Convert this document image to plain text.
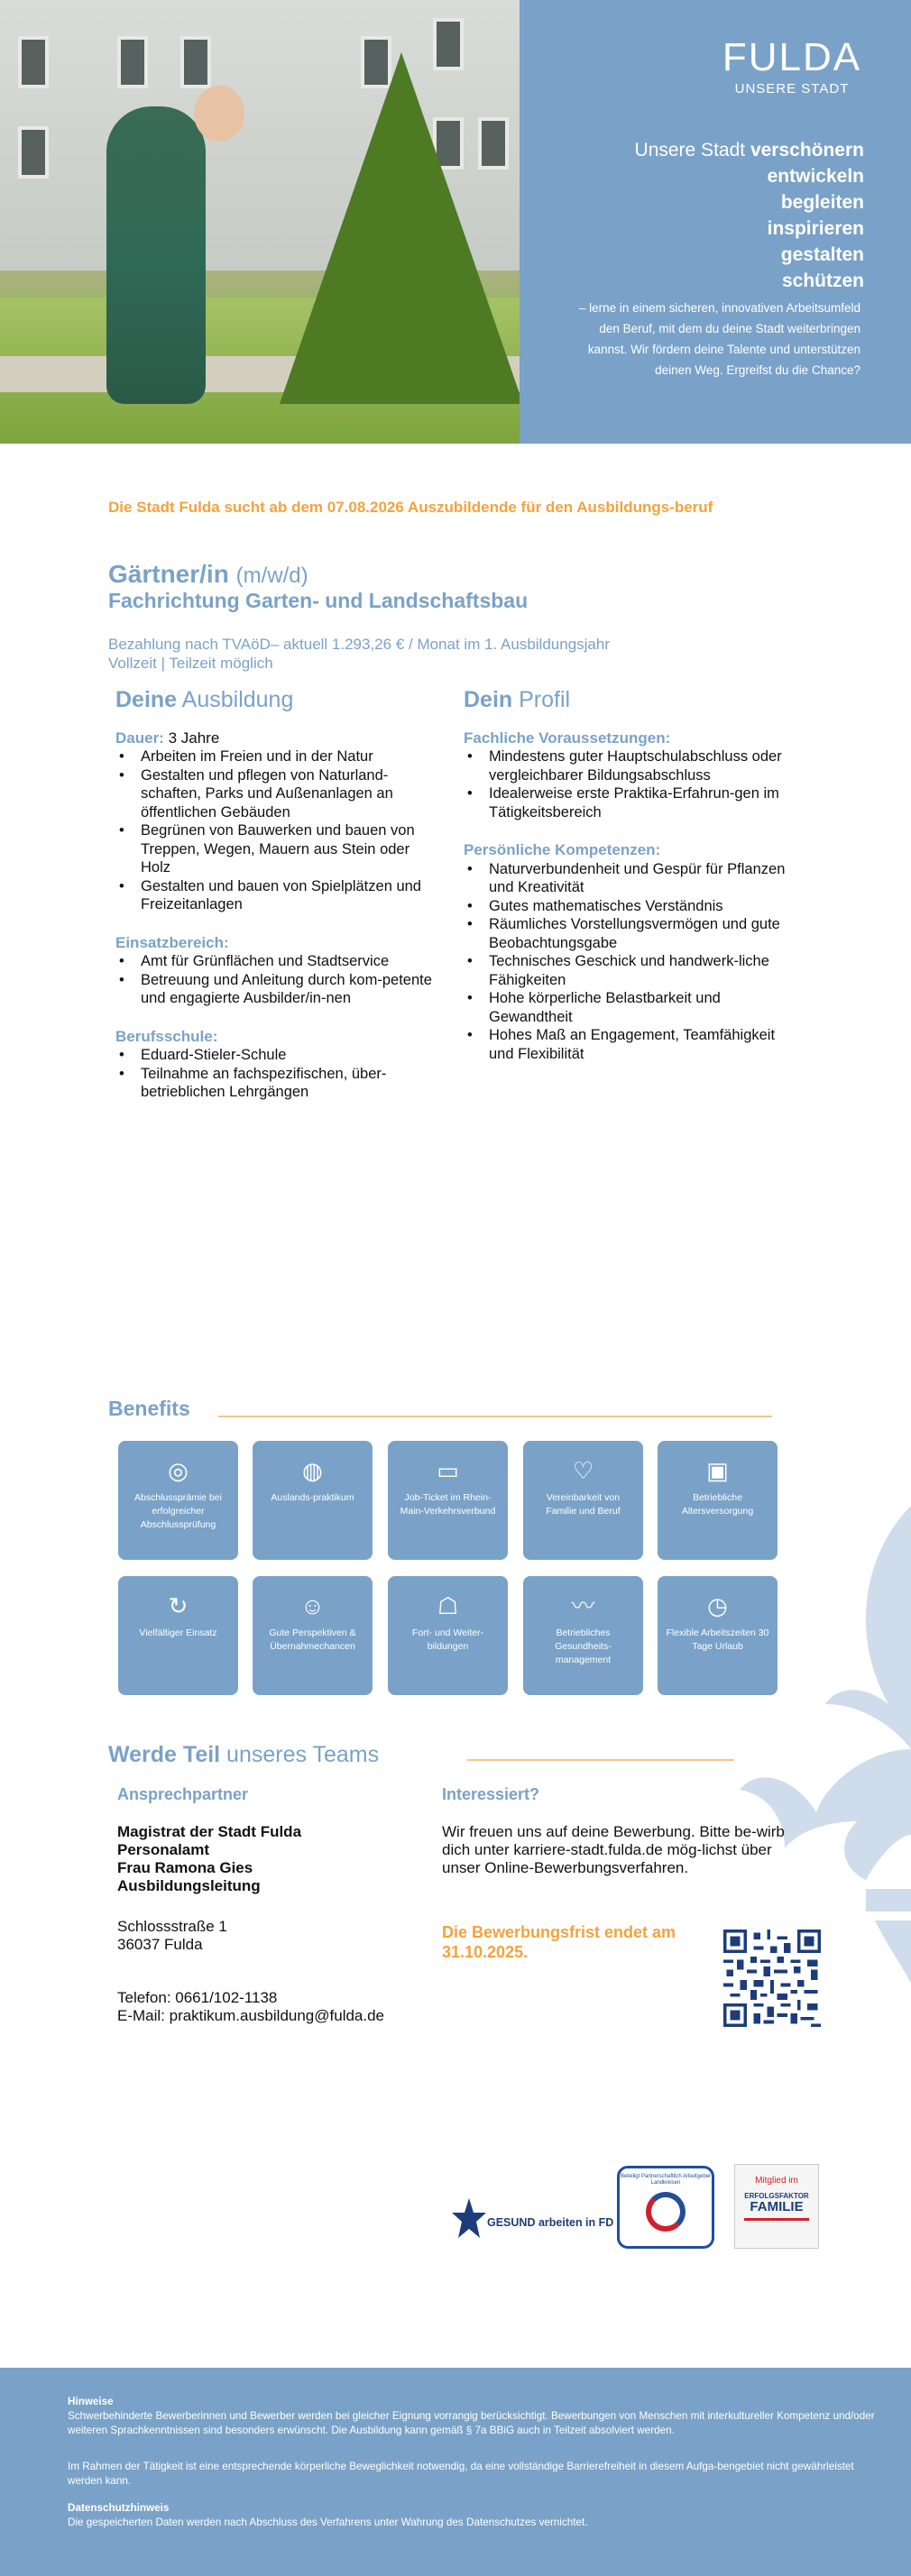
FULDA
UNSERE STADT
Unsere Stadt verschönern
entwickeln
begleiten
inspirieren
gestalten
schützen
– lerne in einem sicheren, innovativen Arbeitsumfeld den Beruf, mit dem du deine Stadt weiterbringen kannst. Wir fördern deine Talente und unterstützen deinen Weg. Ergreifst du die Chance?
Die Stadt Fulda sucht ab dem 07.08.2026 Auszubildende für den Ausbildungs-beruf
Gärtner/in (m/w/d)
Fachrichtung Garten- und Landschaftsbau
Bezahlung nach TVAöD– aktuell 1.293,26 € / Monat im 1. Ausbildungsjahr
Vollzeit | Teilzeit möglich
Deine Ausbildung
Dauer: 3 Jahre
• Arbeiten im Freien und in der Natur
• Gestalten und pflegen von Naturland-schaften, Parks und Außenanlagen an öffentlichen Gebäuden
• Begrünen von Bauwerken und bauen von Treppen, Wegen, Mauern aus Stein oder Holz
• Gestalten und bauen von Spielplätzen und Freizeitanlagen
Einsatzbereich:
• Amt für Grünflächen und Stadtservice
• Betreuung und Anleitung durch kom-petente und engagierte Ausbilder/in-nen
Berufsschule:
• Eduard-Stieler-Schule
• Teilnahme an fachspezifischen, über-betrieblichen Lehrgängen
Dein Profil
Fachliche Voraussetzungen:
• Mindestens guter Hauptschulabschluss oder vergleichbarer Bildungsabschluss
• Idealerweise erste Praktika-Erfahrun-gen im Tätigkeitsbereich
Persönliche Kompetenzen:
• Naturverbundenheit und Gespür für Pflanzen und Kreativität
• Gutes mathematisches Verständnis
• Räumliches Vorstellungsvermögen und gute Beobachtungsgabe
• Technisches Geschick und handwerk-liche Fähigkeiten
• Hohe körperliche Belastbarkeit und Gewandtheit
• Hohes Maß an Engagement, Teamfähigkeit und Flexibilität
Benefits
◎
Abschlussprämie bei erfolgreicher Abschlussprüfung
◍
Auslands-praktikum
▭
Job-Ticket im Rhein-Main-Verkehrsverbund
♡
Vereinbarkeit von Familie und Beruf
▣
Betriebliche Altersversorgung
↻
Vielfältiger Einsatz
☺
Gute Perspektiven & Übernahmechancen
☖
Fort- und Weiter-bildungen
〰
Betriebliches Gesundheits-management
◷
Flexible Arbeitszeiten 30 Tage Urlaub
Werde Teil unseres Teams
Ansprechpartner
Magistrat der Stadt Fulda
Personalamt
Frau Ramona Gies
Ausbildungsleitung
Schlossstraße 1
36037 Fulda
Telefon: 0661/102-1138
E-Mail: praktikum.ausbildung@fulda.de
Interessiert?
Wir freuen uns auf deine Bewerbung. Bitte be-wirb dich unter karriere-stadt.fulda.de mög-lichst über unser Online-Bewerbungsverfahren.
Die Bewerbungsfrist endet am 31.10.2025.
GESUND arbeiten in FD
Beteiligt Partnerschaftlich Arbeitgeber Landkreisen	Mitglied im
ERFOLGSFAKTOR
FAMILIE
Hinweise
Schwerbehinderte Bewerberinnen und Bewerber werden bei gleicher Eignung vorrangig berücksichtigt. Bewerbungen von Menschen mit interkultureller Kompetenz und/oder weiteren Sprachkenntnissen sind besonders erwünscht. Die Ausbildung kann gemäß § 7a BBiG auch in Teilzeit absolviert werden.
Im Rahmen der Tätigkeit ist eine entsprechende körperliche Beweglichkeit notwendig, da eine vollständige Barrierefreiheit in diesem Aufga-bengebiet nicht gewährleistet werden kann.
Datenschutzhinweis
Die gespeicherten Daten werden nach Abschluss des Verfahrens unter Wahrung des Datenschutzes vernichtet.
